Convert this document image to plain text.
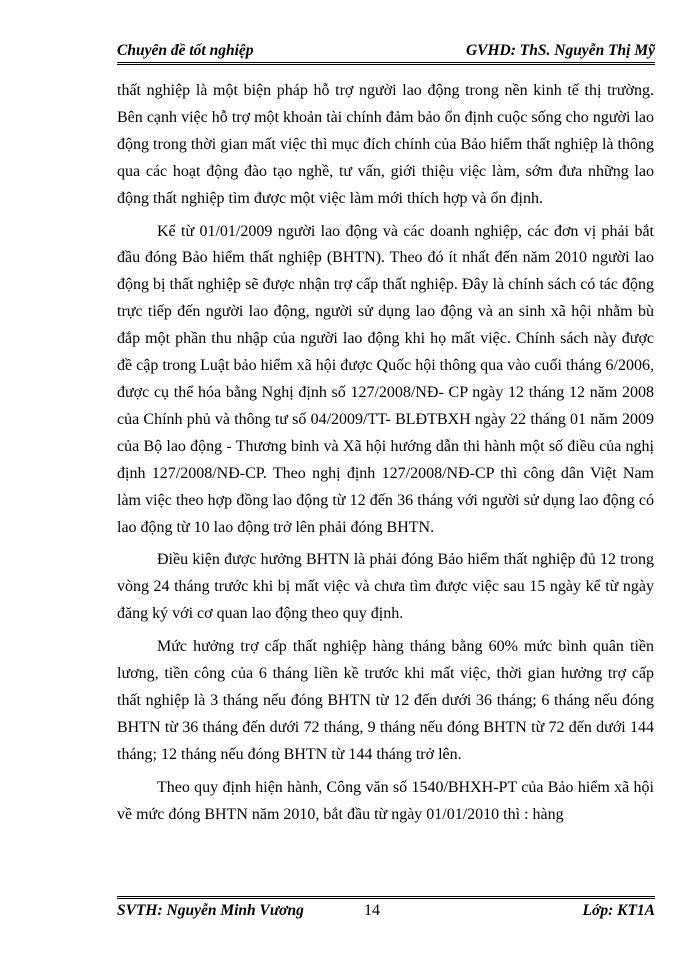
Chuyên đề tốt nghiệp	GVHD: ThS. Nguyễn Thị Mỹ

thất nghiệp là một biện pháp hỗ trợ người lao động trong nền kinh tế thị trường. Bên cạnh việc hỗ trợ một khoản tài chính đảm bảo ổn định cuộc sống cho người lao động trong thời gian mất việc thì mục đích chính của Bảo hiểm thất nghiệp là thông qua các hoạt động đào tạo nghề, tư vấn, giới thiệu việc làm, sớm đưa những lao động thất nghiệp tìm được một việc làm mới thích hợp và ổn định.

Kể từ 01/01/2009 người lao động và các doanh nghiệp, các đơn vị phải bắt đầu đóng Bảo hiểm thất nghiệp (BHTN). Theo đó ít nhất đến năm 2010 người lao động bị thất nghiệp sẽ được nhận trợ cấp thất nghiệp. Đây là chính sách có tác động trực tiếp đến người lao động, người sử dụng lao động và an sinh xã hội nhằm bù đắp một phần thu nhập của người lao động khi họ mất việc. Chính sách này được đề cập trong Luật bảo hiểm xã hội được Quốc hội thông qua vào cuối tháng 6/2006, được cụ thể hóa bằng Nghị định số 127/2008/NĐ- CP ngày 12 tháng 12 năm 2008 của Chính phủ và thông tư số 04/2009/TT- BLĐTBXH ngày 22 tháng 01 năm 2009 của Bộ lao động - Thương binh và Xã hội hướng dẫn thi hành một số điều của nghị định 127/2008/NĐ-CP. Theo nghị định 127/2008/NĐ-CP thì công dân Việt Nam làm việc theo hợp đồng lao động từ 12 đến 36 tháng với người sử dụng lao động có lao động từ 10 lao động trở lên phải đóng BHTN.

Điều kiện được hưởng BHTN là phải đóng Bảo hiểm thất nghiệp đủ 12 trong vòng 24 tháng trước khi bị mất việc và chưa tìm được việc sau 15 ngày kể từ ngày đăng ký với cơ quan lao động theo quy định.

Mức hưởng trợ cấp thất nghiệp hàng tháng bằng 60% mức bình quân tiền lương, tiền công của 6 tháng liền kề trước khi mất việc, thời gian hưởng trợ cấp thất nghiệp là 3 tháng nếu đóng BHTN từ 12 đến dưới 36 tháng; 6 tháng nếu đóng BHTN từ 36 tháng đến dưới 72 tháng, 9 tháng nếu đóng BHTN từ 72 đến dưới 144 tháng; 12 tháng nếu đóng BHTN từ 144 tháng trở lên.

Theo quy định hiện hành, Công văn số 1540/BHXH-PT của Bảo hiểm xã hội về mức đóng BHTN năm 2010, bắt đầu từ ngày 01/01/2010 thì : hàng

SVTH: Nguyễn Minh Vương	14	Lớp: KT1A
